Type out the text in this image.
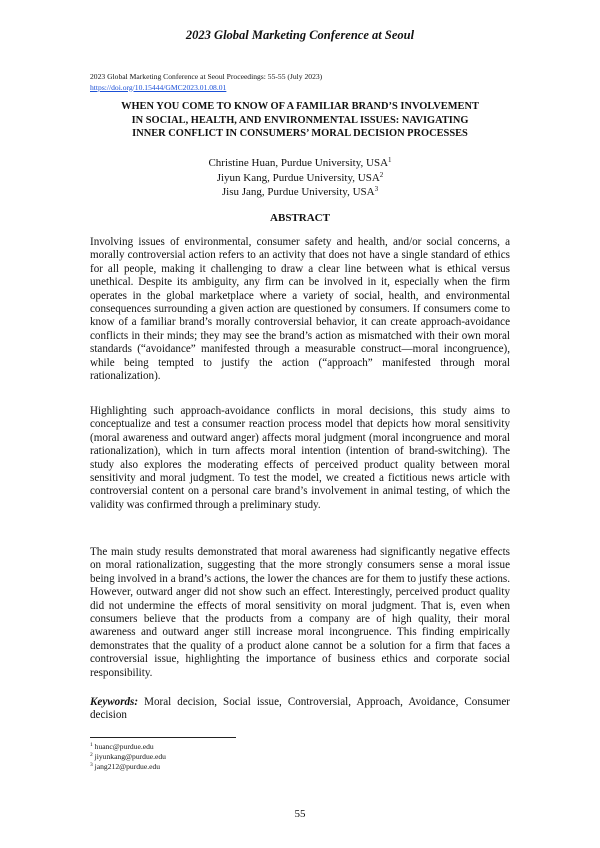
2023 Global Marketing Conference at Seoul
2023 Global Marketing Conference at Seoul Proceedings: 55-55 (July 2023)
https://doi.org/10.15444/GMC2023.01.08.01
WHEN YOU COME TO KNOW OF A FAMILIAR BRAND’S INVOLVEMENT
IN SOCIAL, HEALTH, AND ENVIRONMENTAL ISSUES: NAVIGATING
INNER CONFLICT IN CONSUMERS’ MORAL DECISION PROCESSES
Christine Huan, Purdue University, USA$^1$
Jiyun Kang, Purdue University, USA$^2$
Jisu Jang, Purdue University, USA$^3$
ABSTRACT

Involving issues of environmental, consumer safety and health, and/or social concerns, a morally controversial action refers to an activity that does not have a single standard of ethics for all people, making it challenging to draw a clear line between what is ethical versus unethical. Despite its ambiguity, any firm can be involved in it, especially when the firm operates in the global marketplace where a variety of social, health, and environmental consequences surrounding a given action are questioned by consumers. If consumers come to know of a familiar brand’s morally controversial behavior, it can create approach-avoidance conflicts in their minds; they may see the brand’s action as mismatched with their own moral standards (“avoidance” manifested through a measurable construct—moral incongruence), while being tempted to justify the action (“approach” manifested through moral rationalization).

Highlighting such approach-avoidance conflicts in moral decisions, this study aims to conceptualize and test a consumer reaction process model that depicts how moral sensitivity (moral awareness and outward anger) affects moral judgment (moral incongruence and moral rationalization), which in turn affects moral intention (intention of brand-switching). The study also explores the moderating effects of perceived product quality between moral sensitivity and moral judgment. To test the model, we created a fictitious news article with controversial content on a personal care brand’s involvement in animal testing, of which the validity was confirmed through a preliminary study.

The main study results demonstrated that moral awareness had significantly negative effects on moral rationalization, suggesting that the more strongly consumers sense a moral issue being involved in a brand’s actions, the lower the chances are for them to justify these actions. However, outward anger did not show such an effect. Interestingly, perceived product quality did not undermine the effects of moral sensitivity on moral judgment. That is, even when consumers believe that the products from a company are of high quality, their moral awareness and outward anger still increase moral incongruence. This finding empirically demonstrates that the quality of a product alone cannot be a solution for a firm that faces a controversial issue, highlighting the importance of business ethics and corporate social responsibility.

Keywords: Moral decision, Social issue, Controversial, Approach, Avoidance, Consumer decision

$^1$ huanc@purdue.edu
$^2$ jiyunkang@purdue.edu
$^3$ jang212@purdue.edu
55
